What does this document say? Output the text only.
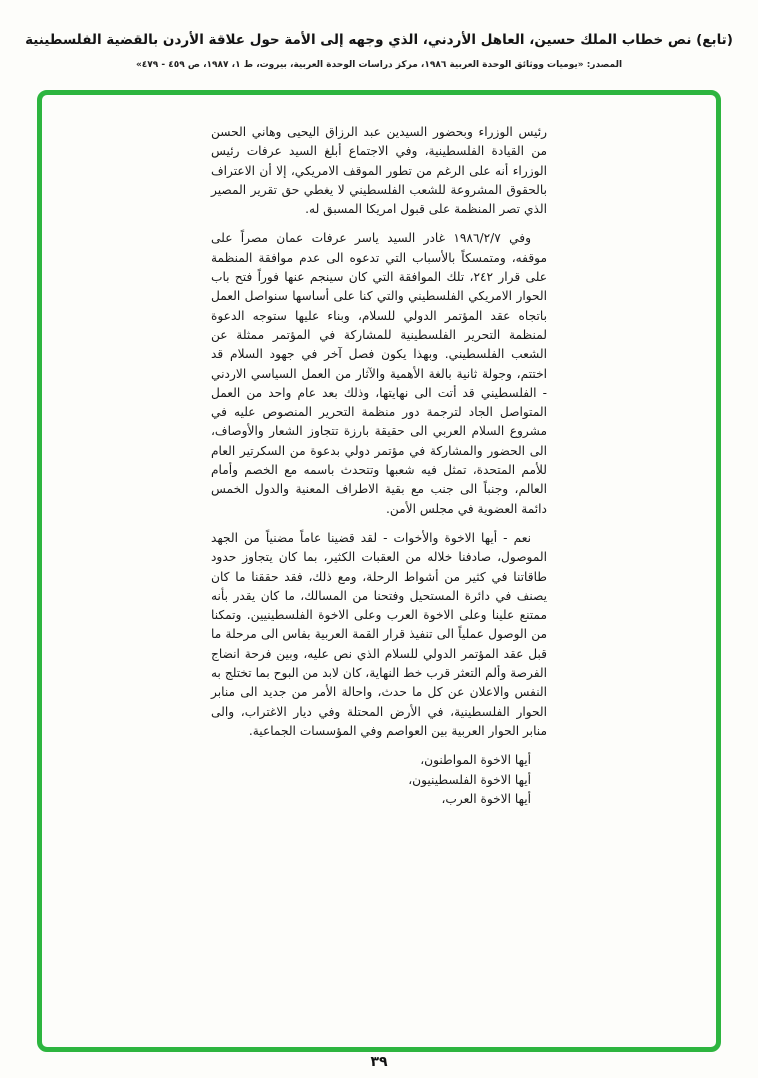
(تابع) نص خطاب الملك حسين، العاهل الأردني، الذي وجهه إلى الأمة حول علاقة الأردن بالقضية الفلسطينية
المصدر: «يوميات ووثائق الوحدة العربية ١٩٨٦، مركز دراسات الوحدة العربية، بيروت، ط ١، ١٩٨٧، ص ٤٥٩ - ٤٧٩»

رئيس الوزراء وبحضور السيدين عبد الرزاق اليحيى وهاني الحسن من القيادة الفلسطينية، وفي الاجتماع أبلغ السيد عرفات رئيس الوزراء أنه على الرغم من تطور الموقف الامريكي، إلا أن الاعتراف بالحقوق المشروعة للشعب الفلسطيني لا يغطي حق تقرير المصير الذي تصر المنظمة على قبول امريكا المسبق له.

وفي ١٩٨٦/٢/٧ غادر السيد ياسر عرفات عمان مصراً على موقفه، ومتمسكاً بالأسباب التي تدعوه الى عدم موافقة المنظمة على قرار ٢٤٢، تلك الموافقة التي كان سينجم عنها فوراً فتح باب الحوار الامريكي الفلسطيني والتي كنا على أساسها سنواصل العمل باتجاه عقد المؤتمر الدولي للسلام، وبناء عليها ستوجه الدعوة لمنظمة التحرير الفلسطينية للمشاركة في المؤتمر ممثلة عن الشعب الفلسطيني. وبهذا يكون فصل آخر في جهود السلام قد اختتم، وجولة ثانية بالغة الأهمية والآثار من العمل السياسي الاردني - الفلسطيني قد أتت الى نهايتها، وذلك بعد عام واحد من العمل المتواصل الجاد لترجمة دور منظمة التحرير المنصوص عليه في مشروع السلام العربي الى حقيقة بارزة تتجاوز الشعار والأوصاف، الى الحضور والمشاركة في مؤتمر دولي بدعوة من السكرتير العام للأمم المتحدة، تمثل فيه شعبها وتتحدث باسمه مع الخصم وأمام العالم، وجنباً الى جنب مع بقية الاطراف المعنية والدول الخمس دائمة العضوية في مجلس الأمن.

نعم - أيها الاخوة والأخوات - لقد قضينا عاماً مضنياً من الجهد الموصول، صادفنا خلاله من العقبات الكثير، بما كان يتجاوز حدود طاقاتنا في كثير من أشواط الرحلة، ومع ذلك، فقد حققنا ما كان يصنف في دائرة المستحيل وفتحنا من المسالك، ما كان يقدر بأنه ممتنع علينا وعلى الاخوة العرب وعلى الاخوة الفلسطينيين. وتمكنا من الوصول عملياً الى تنفيذ قرار القمة العربية بفاس الى مرحلة ما قبل عقد المؤتمر الدولي للسلام الذي نص عليه، وبين فرحة انضاج الفرصة وألم التعثر قرب خط النهاية، كان لابد من البوح بما تختلج به النفس والاعلان عن كل ما حدث، واحالة الأمر من جديد الى منابر الحوار الفلسطينية، في الأرض المحتلة وفي ديار الاغتراب، والى منابر الحوار العربية بين العواصم وفي المؤسسات الجماعية.

أيها الاخوة المواطنون،

أيها الاخوة الفلسطينيون،

أيها الاخوة العرب،

٣٩
